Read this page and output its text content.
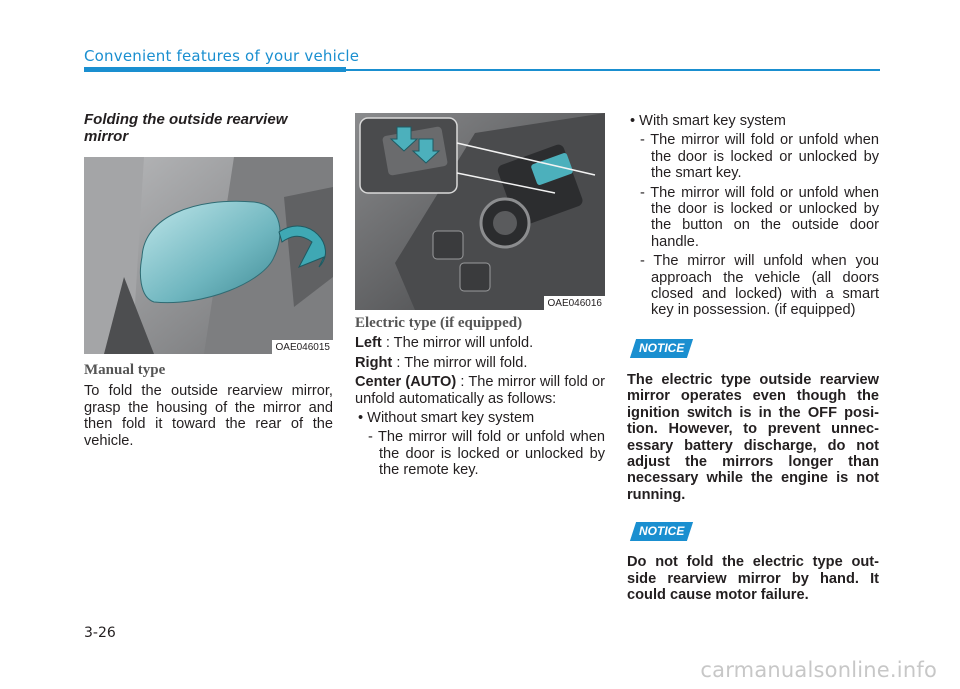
Convenient features of your vehicle

Folding the outside rearview mirror

OAE046015

Manual type

To fold the outside rearview mirror, grasp the housing of the mirror and then fold it toward the rear of the vehicle.

OAE046016

Electric type (if equipped)

Left : The mirror will unfold.

Right : The mirror will fold.

Center (AUTO) : The mirror will fold or unfold automatically as follows:

• Without smart key system

- The mirror will fold or unfold when the door is locked or unlocked by the remote key.

• With smart key system

- The mirror will fold or unfold when the door is locked or unlocked by the smart key.

- The mirror will fold or unfold when the door is locked or unlocked by the button on the outside door handle.

- The mirror will unfold when you approach the vehicle (all doors closed and locked) with a smart key in possession. (if equipped)

NOTICE

The electric type outside rearview mirror operates even though the ignition switch is in the OFF posi-tion. However, to prevent unnec-essary battery discharge, do not adjust the mirrors longer than necessary while the engine is not running.

NOTICE

Do not fold the electric type out-side rearview mirror by hand. It could cause motor failure.

3-26
carmanualsonline.info
